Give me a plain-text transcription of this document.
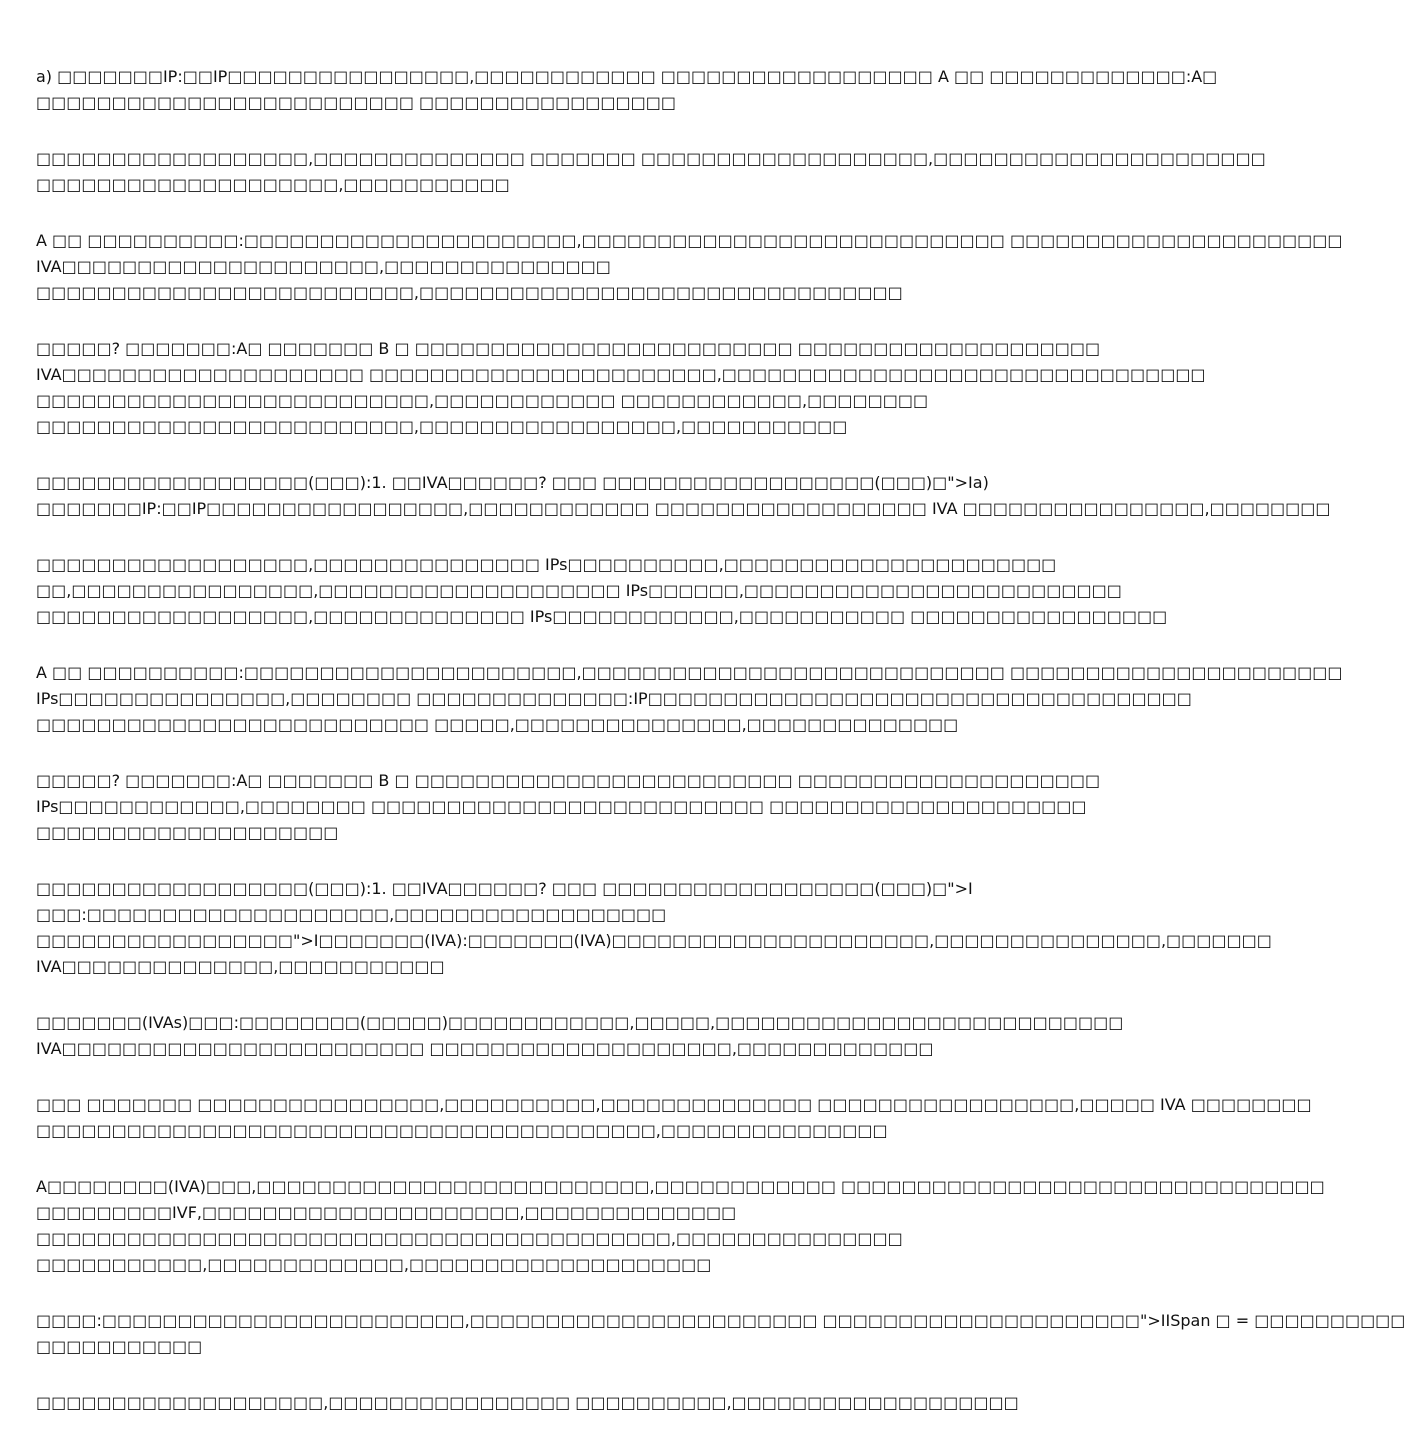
a) □□□□□□□IP:□□IP□□□□□□□□□□□□□□□□,□□□□□□□□□□□□ □□□□□□□□□□□□□□□□□□ A □□ □□□□□□□□□□□□□:A□
□□□□□□□□□□□□□□□□□□□□□□□□□ □□□□□□□□□□□□□□□□□
□□□□□□□□□□□□□□□□□□,□□□□□□□□□□□□□□ □□□□□□□ □□□□□□□□□□□□□□□□□□□,□□□□□□□□□□□□□□□□□□□□□□
□□□□□□□□□□□□□□□□□□□□,□□□□□□□□□□□
A □□ □□□□□□□□□□:□□□□□□□□□□□□□□□□□□□□□□,□□□□□□□□□□□□□□□□□□□□□□□□□□□□ □□□□□□□□□□□□□□□□□□□□□□
IVA□□□□□□□□□□□□□□□□□□□□□,□□□□□□□□□□□□□□□
□□□□□□□□□□□□□□□□□□□□□□□□□,□□□□□□□□□□□□□□□□□□□□□□□□□□□□□□□□
□□□□□? □□□□□□□:A□ □□□□□□□ B □ □□□□□□□□□□□□□□□□□□□□□□□□□ □□□□□□□□□□□□□□□□□□□□
IVA□□□□□□□□□□□□□□□□□□□□ □□□□□□□□□□□□□□□□□□□□□□□,□□□□□□□□□□□□□□□□□□□□□□□□□□□□□□□□
□□□□□□□□□□□□□□□□□□□□□□□□□□,□□□□□□□□□□□□ □□□□□□□□□□□□,□□□□□□□□
□□□□□□□□□□□□□□□□□□□□□□□□□,□□□□□□□□□□□□□□□□□,□□□□□□□□□□□
□□□□□□□□□□□□□□□□□□(□□□):1. □□IVA□□□□□□? □□□ □□□□□□□□□□□□□□□□□□(□□□)□">Ia)
□□□□□□□IP:□□IP□□□□□□□□□□□□□□□□□,□□□□□□□□□□□□ □□□□□□□□□□□□□□□□□□ IVA □□□□□□□□□□□□□□□□,□□□□□□□□
□□□□□□□□□□□□□□□□□□,□□□□□□□□□□□□□□□ IPs□□□□□□□□□□,□□□□□□□□□□□□□□□□□□□□□□
□□,□□□□□□□□□□□□□□□□,□□□□□□□□□□□□□□□□□□□□ IPs□□□□□□,□□□□□□□□□□□□□□□□□□□□□□□□□
□□□□□□□□□□□□□□□□□□,□□□□□□□□□□□□□□ IPs□□□□□□□□□□□□,□□□□□□□□□□□ □□□□□□□□□□□□□□□□□
A □□ □□□□□□□□□□:□□□□□□□□□□□□□□□□□□□□□□,□□□□□□□□□□□□□□□□□□□□□□□□□□□□ □□□□□□□□□□□□□□□□□□□□□□
IPs□□□□□□□□□□□□□□□,□□□□□□□□ □□□□□□□□□□□□□□:IP□□□□□□□□□□□□□□□□□□□□□□□□□□□□□□□□□□□□
□□□□□□□□□□□□□□□□□□□□□□□□□□ □□□□□,□□□□□□□□□□□□□□□,□□□□□□□□□□□□□□
□□□□□? □□□□□□□:A□ □□□□□□□ B □ □□□□□□□□□□□□□□□□□□□□□□□□□ □□□□□□□□□□□□□□□□□□□□
IPs□□□□□□□□□□□□,□□□□□□□□ □□□□□□□□□□□□□□□□□□□□□□□□□□ □□□□□□□□□□□□□□□□□□□□□
□□□□□□□□□□□□□□□□□□□□
□□□□□□□□□□□□□□□□□□(□□□):1. □□IVA□□□□□□? □□□ □□□□□□□□□□□□□□□□□□(□□□)□">I
□□□:□□□□□□□□□□□□□□□□□□□□,□□□□□□□□□□□□□□□□□□
□□□□□□□□□□□□□□□□□">I□□□□□□□(IVA):□□□□□□□(IVA)□□□□□□□□□□□□□□□□□□□□□,□□□□□□□□□□□□□□□,□□□□□□□
IVA□□□□□□□□□□□□□□,□□□□□□□□□□□
□□□□□□□(IVAs)□□□:□□□□□□□□(□□□□□)□□□□□□□□□□□□,□□□□□,□□□□□□□□□□□□□□□□□□□□□□□□□□□
IVA□□□□□□□□□□□□□□□□□□□□□□□□ □□□□□□□□□□□□□□□□□□□□,□□□□□□□□□□□□□
□□□ □□□□□□□ □□□□□□□□□□□□□□□□,□□□□□□□□□□,□□□□□□□□□□□□□□ □□□□□□□□□□□□□□□□□,□□□□□ IVA □□□□□□□□
□□□□□□□□□□□□□□□□□□□□□□□□□□□□□□□□□□□□□□□□□,□□□□□□□□□□□□□□□
A□□□□□□□□(IVA)□□□,□□□□□□□□□□□□□□□□□□□□□□□□□□,□□□□□□□□□□□□ □□□□□□□□□□□□□□□□□□□□□□□□□□□□□□□□
□□□□□□□□□IVF,□□□□□□□□□□□□□□□□□□□□□,□□□□□□□□□□□□□□
□□□□□□□□□□□□□□□□□□□□□□□□□□□□□□□□□□□□□□□□□□,□□□□□□□□□□□□□□□
□□□□□□□□□□□,□□□□□□□□□□□□□,□□□□□□□□□□□□□□□□□□□□
□□□□:□□□□□□□□□□□□□□□□□□□□□□□□,□□□□□□□□□□□□□□□□□□□□□□□ □□□□□□□□□□□□□□□□□□□□□">IISpan □ = □□□□□□□□□□
□□□□□□□□□□□
□□□□□□□□□□□□□□□□□□□,□□□□□□□□□□□□□□□□ □□□□□□□□□□,□□□□□□□□□□□□□□□□□□□
